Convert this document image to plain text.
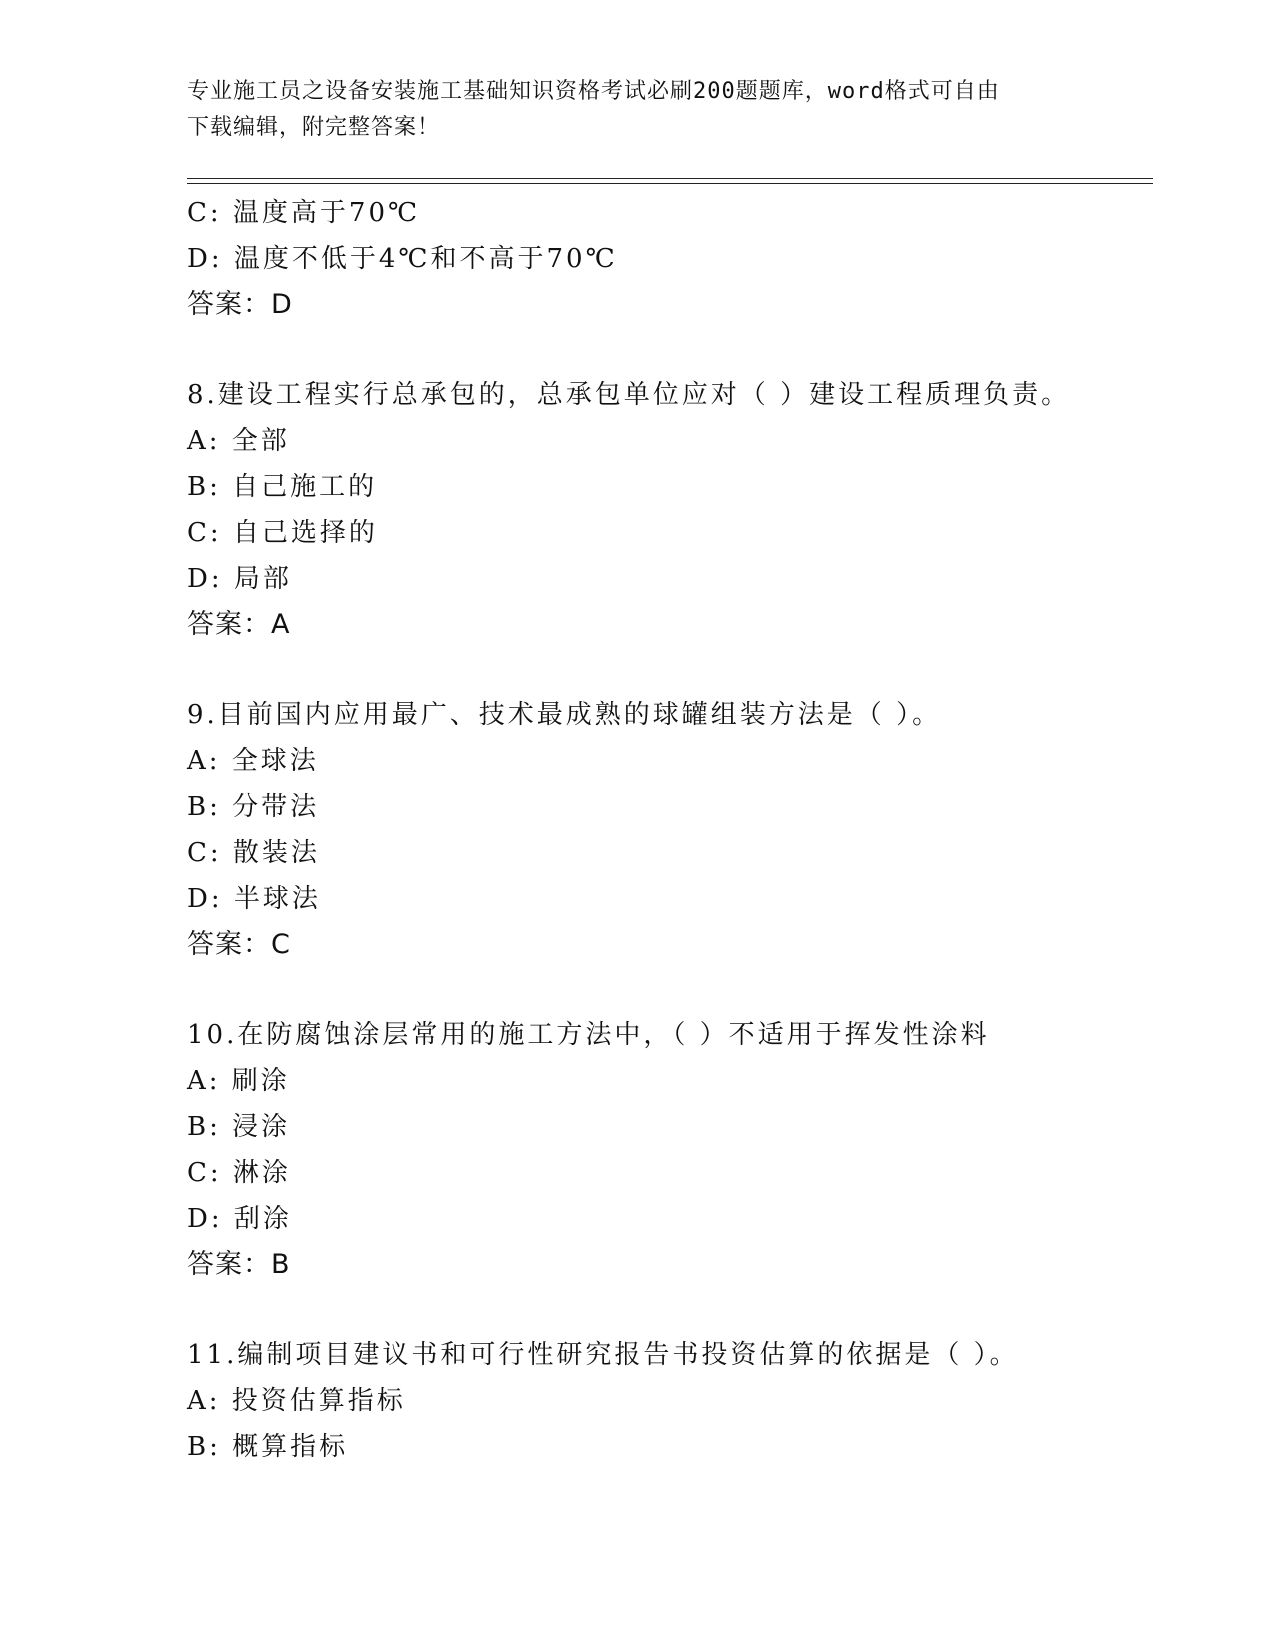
专业施工员之设备安装施工基础知识资格考试必刷200题题库，word格式可自由
下载编辑，附完整答案！
C: 温度高于70℃
D: 温度不低于4℃和不高于70℃
答案：D
8.建设工程实行总承包的，总承包单位应对（ ）建设工程质理负责。
A: 全部
B: 自己施工的
C: 自己选择的
D: 局部
答案：A
9.目前国内应用最广、技术最成熟的球罐组装方法是（ ）。
A: 全球法
B: 分带法
C: 散装法
D: 半球法
答案：C
10.在防腐蚀涂层常用的施工方法中，（ ）不适用于挥发性涂料
A: 刷涂
B: 浸涂
C: 淋涂
D: 刮涂
答案：B
11.编制项目建议书和可行性研究报告书投资估算的依据是（ ）。
A: 投资估算指标
B: 概算指标
